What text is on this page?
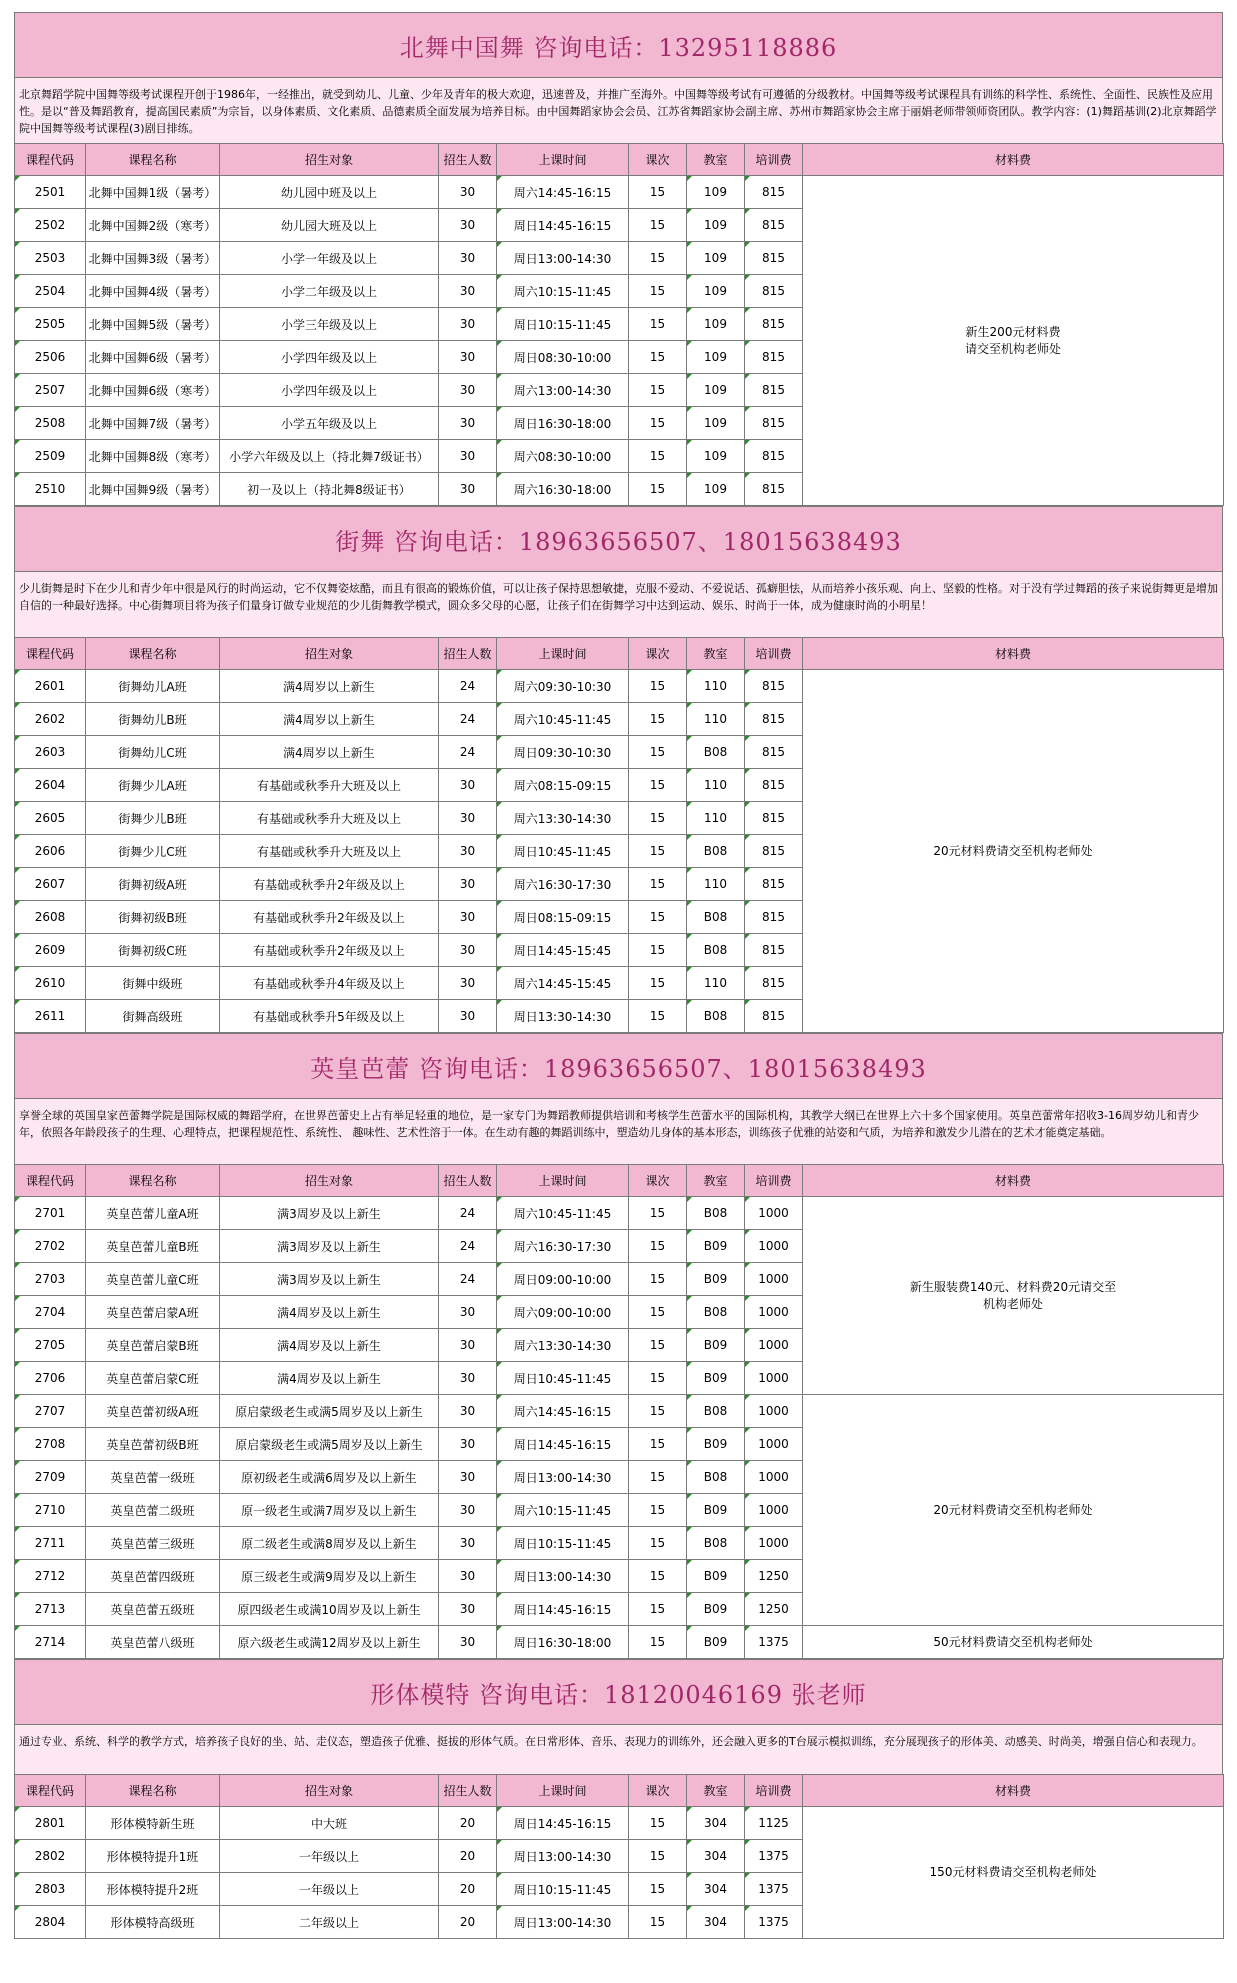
北舞中国舞 咨询电话：13295118886
北京舞蹈学院中国舞等级考试课程开创于1986年，一经推出，就受到幼儿、儿童、少年及青年的极大欢迎，迅速普及，并推广至海外。中国舞等级考试有可遵循的分级教材。中国舞等级考试课程具有训练的科学性、系统性、全面性、民族性及应用性。是以“普及舞蹈教育，提高国民素质”为宗旨，以身体素质、文化素质、品德素质全面发展为培养目标。由中国舞蹈家协会会员、江苏省舞蹈家协会副主席、苏州市舞蹈家协会主席于丽娟老师带领师资团队。教学内容：(1)舞蹈基训(2)北京舞蹈学院中国舞等级考试课程(3)剧目排练。
课程代码	课程名称	招生对象	招生人数	上课时间	课次	教室	培训费	材料费
2501	北舞中国舞1级（暑考）	幼儿园中班及以上	30	周六14:45-16:15	15	109	815	新生200元材料费
请交至机构老师处
2502	北舞中国舞2级（寒考）	幼儿园大班及以上	30	周日14:45-16:15	15	109	815	
2503	北舞中国舞3级（暑考）	小学一年级及以上	30	周日13:00-14:30	15	109	815	
2504	北舞中国舞4级（暑考）	小学二年级及以上	30	周六10:15-11:45	15	109	815	
2505	北舞中国舞5级（暑考）	小学三年级及以上	30	周日10:15-11:45	15	109	815	
2506	北舞中国舞6级（暑考）	小学四年级及以上	30	周日08:30-10:00	15	109	815	
2507	北舞中国舞6级（寒考）	小学四年级及以上	30	周六13:00-14:30	15	109	815	
2508	北舞中国舞7级（暑考）	小学五年级及以上	30	周日16:30-18:00	15	109	815	
2509	北舞中国舞8级（寒考）	小学六年级及以上（持北舞7级证书）	30	周六08:30-10:00	15	109	815	
2510	北舞中国舞9级（暑考）	初一及以上（持北舞8级证书）	30	周六16:30-18:00	15	109	815	
街舞 咨询电话：18963656507、18015638493
少儿街舞是时下在少儿和青少年中很是风行的时尚运动，它不仅舞姿炫酷，而且有很高的锻炼价值，可以让孩子保持思想敏捷，克服不爱动、不爱说话、孤癖胆怯，从而培养小孩乐观、向上、坚毅的性格。对于没有学过舞蹈的孩子来说街舞更是增加自信的一种最好选择。中心街舞项目将为孩子们量身订做专业规范的少儿街舞教学模式，圆众多父母的心愿，让孩子们在街舞学习中达到运动、娱乐、时尚于一体，成为健康时尚的小明星！
课程代码	课程名称	招生对象	招生人数	上课时间	课次	教室	培训费	材料费
2601	街舞幼儿A班	满4周岁以上新生	24	周六09:30-10:30	15	110	815	20元材料费请交至机构老师处
2602	街舞幼儿B班	满4周岁以上新生	24	周六10:45-11:45	15	110	815	
2603	街舞幼儿C班	满4周岁以上新生	24	周日09:30-10:30	15	B08	815	
2604	街舞少儿A班	有基础或秋季升大班及以上	30	周六08:15-09:15	15	110	815	
2605	街舞少儿B班	有基础或秋季升大班及以上	30	周六13:30-14:30	15	110	815	
2606	街舞少儿C班	有基础或秋季升大班及以上	30	周日10:45-11:45	15	B08	815	
2607	街舞初级A班	有基础或秋季升2年级及以上	30	周六16:30-17:30	15	110	815	
2608	街舞初级B班	有基础或秋季升2年级及以上	30	周日08:15-09:15	15	B08	815	
2609	街舞初级C班	有基础或秋季升2年级及以上	30	周日14:45-15:45	15	B08	815	
2610	街舞中级班	有基础或秋季升4年级及以上	30	周六14:45-15:45	15	110	815	
2611	街舞高级班	有基础或秋季升5年级及以上	30	周日13:30-14:30	15	B08	815	
英皇芭蕾 咨询电话：18963656507、18015638493
享誉全球的英国皇家芭蕾舞学院是国际权威的舞蹈学府，在世界芭蕾史上占有举足轻重的地位，是一家专门为舞蹈教师提供培训和考核学生芭蕾水平的国际机构，其教学大纲已在世界上六十多个国家使用。英皇芭蕾常年招收3-16周岁幼儿和青少年，依照各年龄段孩子的生理、心理特点，把课程规范性、系统性、 趣味性、艺术性溶于一体。在生动有趣的舞蹈训练中，塑造幼儿身体的基本形态，训练孩子优雅的站姿和气质，为培养和激发少儿潜在的艺术才能奠定基础。
课程代码	课程名称	招生对象	招生人数	上课时间	课次	教室	培训费	材料费
2701	英皇芭蕾儿童A班	满3周岁及以上新生	24	周六10:45-11:45	15	B08	1000	新生服装费140元、材料费20元请交至
机构老师处
2702	英皇芭蕾儿童B班	满3周岁及以上新生	24	周六16:30-17:30	15	B09	1000	
2703	英皇芭蕾儿童C班	满3周岁及以上新生	24	周日09:00-10:00	15	B09	1000	
2704	英皇芭蕾启蒙A班	满4周岁及以上新生	30	周六09:00-10:00	15	B08	1000	
2705	英皇芭蕾启蒙B班	满4周岁及以上新生	30	周六13:30-14:30	15	B09	1000	
2706	英皇芭蕾启蒙C班	满4周岁及以上新生	30	周日10:45-11:45	15	B09	1000	
2707	英皇芭蕾初级A班	原启蒙级老生或满5周岁及以上新生	30	周六14:45-16:15	15	B08	1000	20元材料费请交至机构老师处
2708	英皇芭蕾初级B班	原启蒙级老生或满5周岁及以上新生	30	周日14:45-16:15	15	B09	1000	
2709	英皇芭蕾一级班	原初级老生或满6周岁及以上新生	30	周日13:00-14:30	15	B08	1000	
2710	英皇芭蕾二级班	原一级老生或满7周岁及以上新生	30	周六10:15-11:45	15	B09	1000	
2711	英皇芭蕾三级班	原二级老生或满8周岁及以上新生	30	周日10:15-11:45	15	B08	1000	
2712	英皇芭蕾四级班	原三级老生或满9周岁及以上新生	30	周日13:00-14:30	15	B09	1250	
2713	英皇芭蕾五级班	原四级老生或满10周岁及以上新生	30	周日14:45-16:15	15	B09	1250	
2714	英皇芭蕾八级班	原六级老生或满12周岁及以上新生	30	周日16:30-18:00	15	B09	1375	50元材料费请交至机构老师处
形体模特 咨询电话：18120046169 张老师
通过专业、系统、科学的教学方式，培养孩子良好的坐、站、走仪态，塑造孩子优雅、挺拔的形体气质。在日常形体、音乐、表现力的训练外，还会融入更多的T台展示模拟训练，充分展现孩子的形体美、动感美、时尚美，增强自信心和表现力。
课程代码	课程名称	招生对象	招生人数	上课时间	课次	教室	培训费	材料费
2801	形体模特新生班	中大班	20	周日14:45-16:15	15	304	1125	150元材料费请交至机构老师处
2802	形体模特提升1班	一年级以上	20	周日13:00-14:30	15	304	1375	
2803	形体模特提升2班	一年级以上	20	周日10:15-11:45	15	304	1375	
2804	形体模特高级班	二年级以上	20	周日13:00-14:30	15	304	1375	
